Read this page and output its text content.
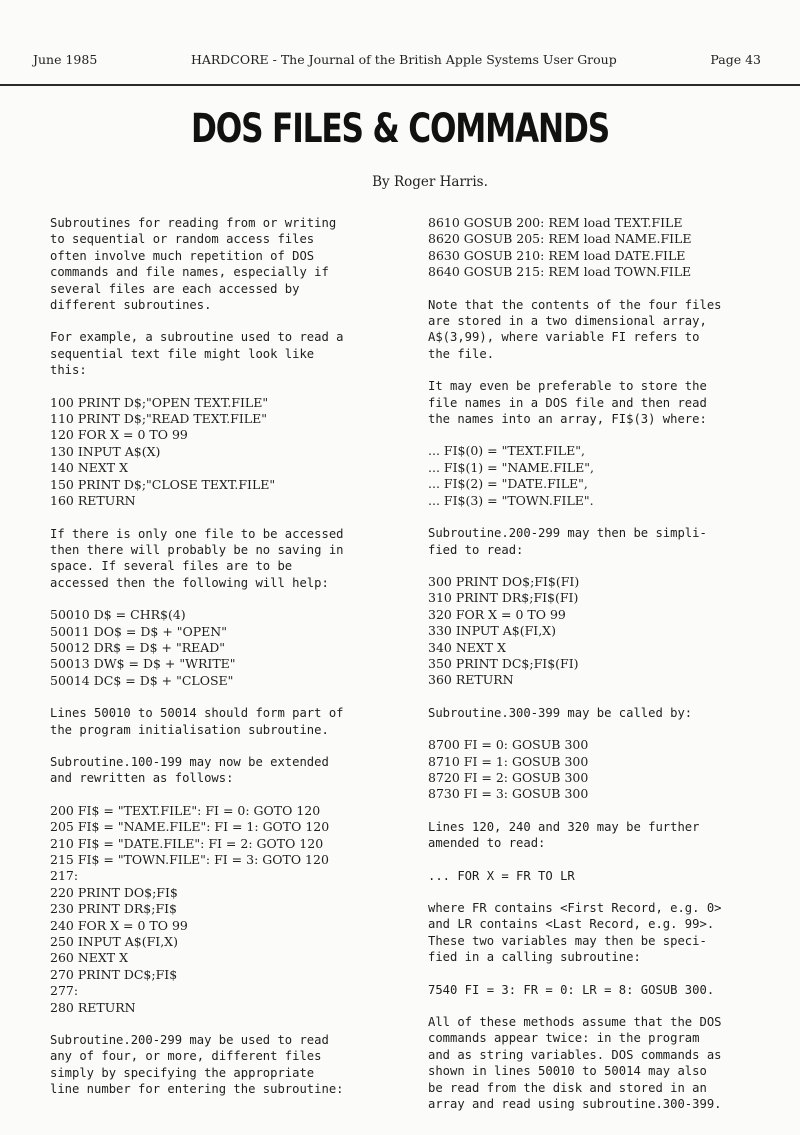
June 1985	HARDCORE - The Journal of the British Apple Systems User Group	Page 43
DOS FILES & COMMANDS
By Roger Harris.
Subroutines for reading from or writing
to sequential or random access files
often involve much repetition of DOS
commands and file names, especially if
several files are each accessed by
different subroutines.
For example, a subroutine used to read a
sequential text file might look like
this:
100 PRINT D$;"OPEN TEXT.FILE"
110 PRINT D$;"READ TEXT.FILE"
120 FOR X = 0 TO 99
130 INPUT A$(X)
140 NEXT X
150 PRINT D$;"CLOSE TEXT.FILE"
160 RETURN
If there is only one file to be accessed
then there will probably be no saving in
space. If several files are to be
accessed then the following will help:
50010 D$ = CHR$(4)
50011 DO$ = D$ + "OPEN"
50012 DR$ = D$ + "READ"
50013 DW$ = D$ + "WRITE"
50014 DC$ = D$ + "CLOSE"
Lines 50010 to 50014 should form part of
the program initialisation subroutine.
Subroutine.100-199 may now be extended
and rewritten as follows:
200 FI$ = "TEXT.FILE": FI = 0: GOTO 120
205 FI$ = "NAME.FILE": FI = 1: GOTO 120
210 FI$ = "DATE.FILE": FI = 2: GOTO 120
215 FI$ = "TOWN.FILE": FI = 3: GOTO 120
217:
220 PRINT DO$;FI$
230 PRINT DR$;FI$
240 FOR X = 0 TO 99
250 INPUT A$(FI,X)
260 NEXT X
270 PRINT DC$;FI$
277:
280 RETURN
Subroutine.200-299 may be used to read
any of four, or more, different files
simply by specifying the appropriate
line number for entering the subroutine:
8610 GOSUB 200: REM load TEXT.FILE
8620 GOSUB 205: REM load NAME.FILE
8630 GOSUB 210: REM load DATE.FILE
8640 GOSUB 215: REM load TOWN.FILE
Note that the contents of the four files
are stored in a two dimensional array,
A$(3,99), where variable FI refers to
the file.
It may even be preferable to store the
file names in a DOS file and then read
the names into an array, FI$(3) where:
... FI$(0) = "TEXT.FILE",
... FI$(1) = "NAME.FILE",
... FI$(2) = "DATE.FILE",
... FI$(3) = "TOWN.FILE".
Subroutine.200-299 may then be simpli-
fied to read:
300 PRINT DO$;FI$(FI)
310 PRINT DR$;FI$(FI)
320 FOR X = 0 TO 99
330 INPUT A$(FI,X)
340 NEXT X
350 PRINT DC$;FI$(FI)
360 RETURN
Subroutine.300-399 may be called by:
8700 FI = 0: GOSUB 300
8710 FI = 1: GOSUB 300
8720 FI = 2: GOSUB 300
8730 FI = 3: GOSUB 300
Lines 120, 240 and 320 may be further
amended to read:
... FOR X = FR TO LR
where FR contains <First Record, e.g. 0>
and LR contains <Last Record, e.g. 99>.
These two variables may then be speci-
fied in a calling subroutine:
7540 FI = 3: FR = 0: LR = 8: GOSUB 300.
All of these methods assume that the DOS
commands appear twice: in the program
and as string variables. DOS commands as
shown in lines 50010 to 50014 may also
be read from the disk and stored in an
array and read using subroutine.300-399.
